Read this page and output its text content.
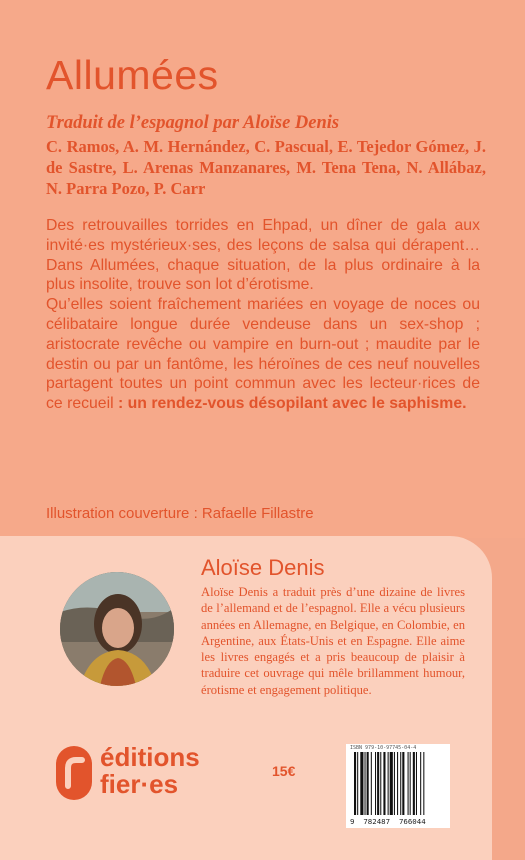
Allumées
Traduit de l’espagnol par Aloïse Denis
C. Ramos, A. M. Hernández, C. Pascual, E. Tejedor Gómez, J. de Sastre, L. Arenas Manzanares, M. Tena Tena, N. Allábaz, N. Parra Pozo, P. Carr

Des retrouvailles torrides en Ehpad, un dîner de gala aux invité·es mystérieux·ses, des leçons de salsa qui dérapent… Dans Allumées, chaque situation, de la plus ordinaire à la plus insolite, trouve son lot d’érotisme.

Qu’elles soient fraîchement mariées en voyage de noces ou célibataire longue durée vendeuse dans un sex-shop ; aristocrate revêche ou vampire en burn-out ; maudite par le destin ou par un fantôme, les héroïnes de ces neuf nouvelles partagent toutes un point commun avec les lecteur·rices de ce recueil : un rendez-vous désopilant avec le saphisme.

Illustration couverture : Rafaelle Fillastre
Aloïse Denis
Aloïse Denis a traduit près d’une dizaine de livres de l’allemand et de l’espagnol. Elle a vécu plusieurs années en Allemagne, en Belgique, en Colombie, en Argentine, aux États-Unis et en Espagne. Elle aime les livres engagés et a pris beaucoup de plaisir à traduire cet ouvrage qui mêle brillamment humour, érotisme et engagement politique.
éditions
fier·es	15€
ISBN 979-10-97745-04-4
9  782487  766044
